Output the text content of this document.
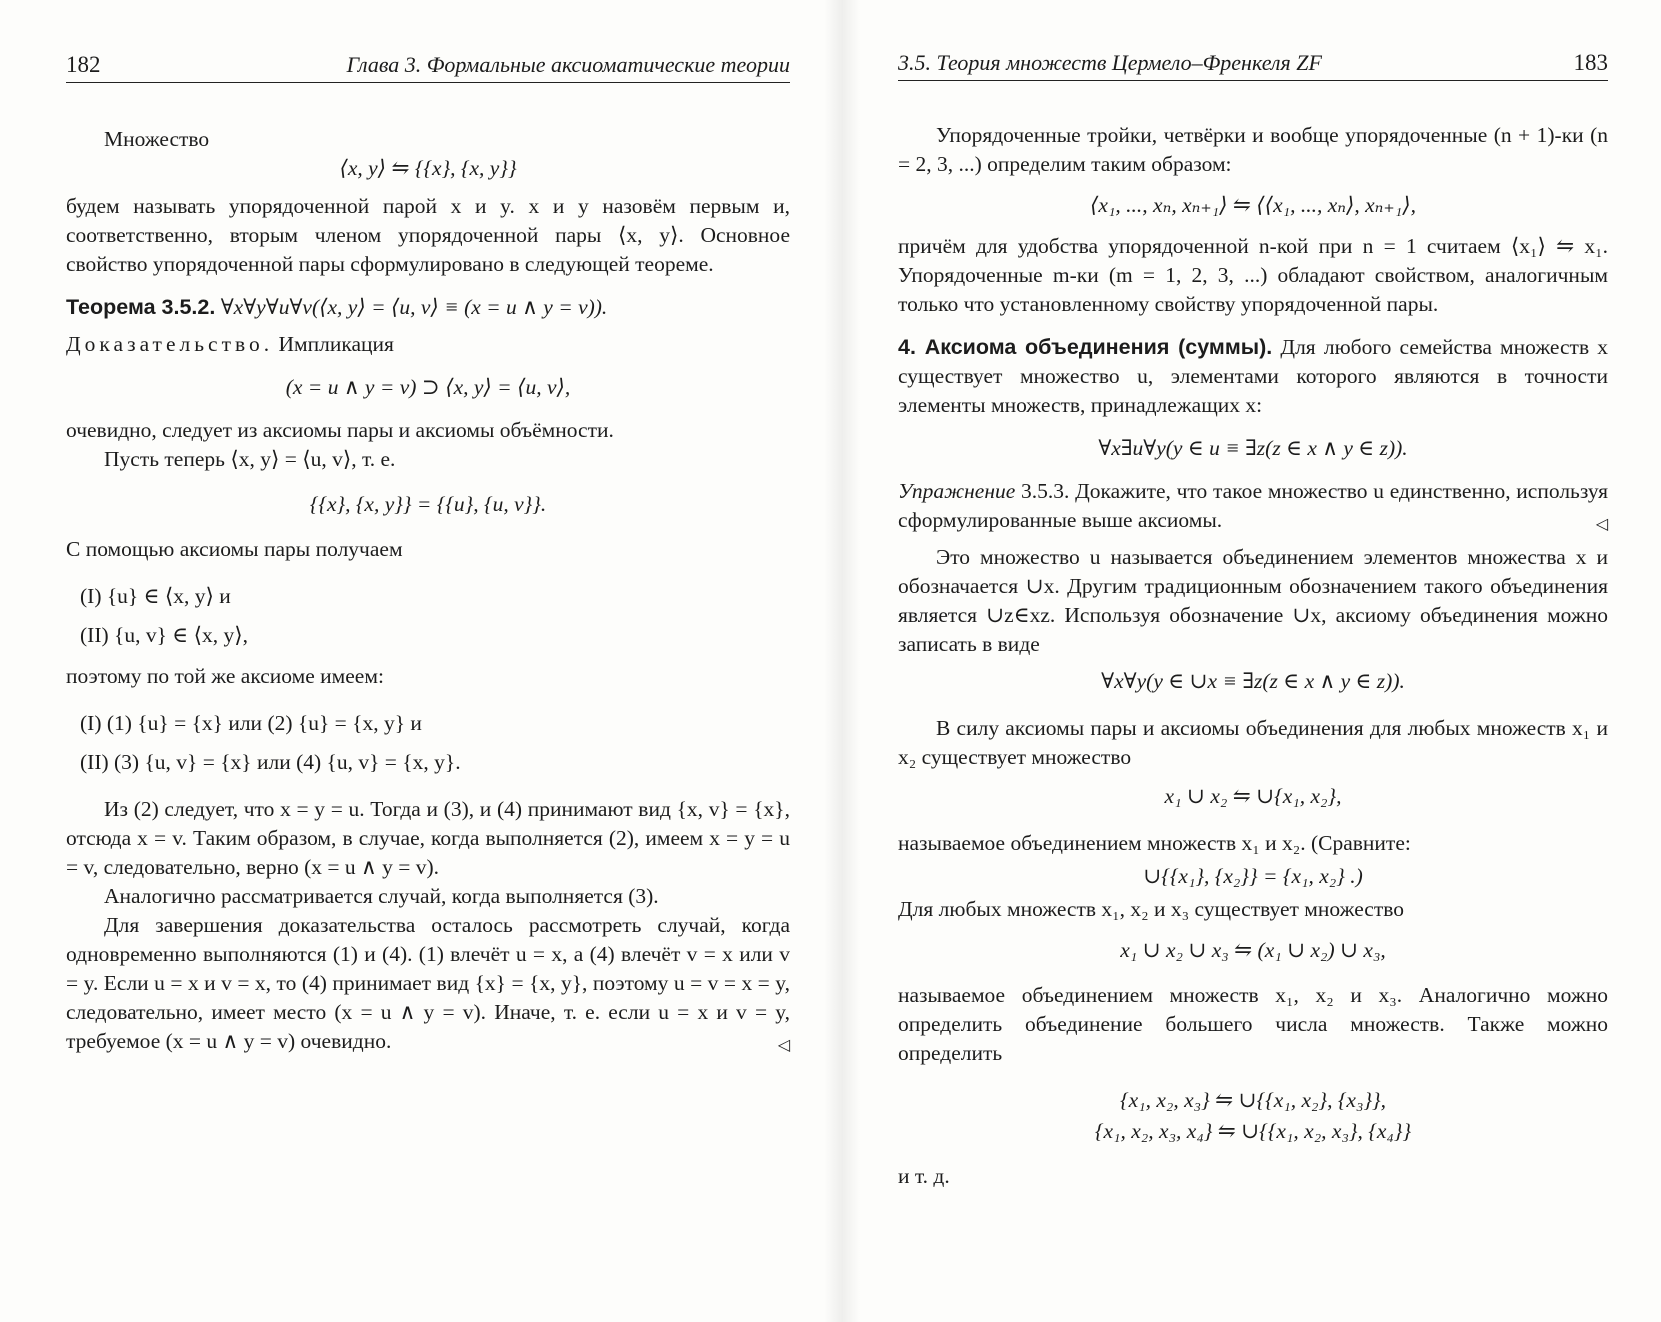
182	Глава 3. Формальные аксиоматические теории

Множество

⟨x, y⟩ ⇋ {{x}, {x, y}}

будем называть упорядоченной парой x и y. x и y назовём первым и, соответственно, вторым членом упорядоченной пары ⟨x, y⟩. Основное свойство упорядоченной пары сформулировано в следующей теореме.

Теорема 3.5.2. ∀x∀y∀u∀v(⟨x, y⟩ = ⟨u, v⟩ ≡ (x = u ∧ y = v)).

Доказательство. Импликация

(x = u ∧ y = v) ⊃ ⟨x, y⟩ = ⟨u, v⟩,

очевидно, следует из аксиомы пары и аксиомы объёмности.

Пусть теперь ⟨x, y⟩ = ⟨u, v⟩, т. е.

{{x}, {x, y}} = {{u}, {u, v}}.

С помощью аксиомы пары получаем

(I) {u} ∈ ⟨x, y⟩ и

(II) {u, v} ∈ ⟨x, y⟩,

поэтому по той же аксиоме имеем:

(I) (1) {u} = {x} или (2) {u} = {x, y} и

(II) (3) {u, v} = {x} или (4) {u, v} = {x, y}.

Из (2) следует, что x = y = u. Тогда и (3), и (4) принимают вид {x, v} = {x}, отсюда x = v. Таким образом, в случае, когда выполняется (2), имеем x = y = u = v, следовательно, верно (x = u ∧ y = v).

Аналогично рассматривается случай, когда выполняется (3).

Для завершения доказательства осталось рассмотреть случай, когда одновременно выполняются (1) и (4). (1) влечёт u = x, а (4) влечёт v = x или v = y. Если u = x и v = x, то (4) принимает вид {x} = {x, y}, поэтому u = v = x = y, следовательно, имеет место (x = u ∧ y = v). Иначе, т. е. если u = x и v = y, требуемое (x = u ∧ y = v) очевидно.	◁

3.5. Теория множеств Цермело–Френкеля ZF	183

Упорядоченные тройки, четвёрки и вообще упорядоченные (n + 1)-ки (n = 2, 3, ...) определим таким образом:

⟨x₁, ..., xₙ, xₙ₊₁⟩ ⇋ ⟨⟨x₁, ..., xₙ⟩, xₙ₊₁⟩,

причём для удобства упорядоченной n-кой при n = 1 считаем ⟨x₁⟩ ⇋ x₁. Упорядоченные m-ки (m = 1, 2, 3, ...) обладают свойством, аналогичным только что установленному свойству упорядоченной пары.

4. Аксиома объединения (суммы). Для любого семейства множеств x существует множество u, элементами которого являются в точности элементы множеств, принадлежащих x:

∀x∃u∀y(y ∈ u ≡ ∃z(z ∈ x ∧ y ∈ z)).

Упражнение 3.5.3. Докажите, что такое множество u единственно, используя сформулированные выше аксиомы.	◁

Это множество u называется объединением элементов множества x и обозначается ∪x. Другим традиционным обозначением такого объединения является ∪z∈xz. Используя обозначение ∪x, аксиому объединения можно записать в виде

∀x∀y(y ∈ ∪x ≡ ∃z(z ∈ x ∧ y ∈ z)).

В силу аксиомы пары и аксиомы объединения для любых множеств x₁ и x₂ существует множество

x₁ ∪ x₂ ⇋ ∪{x₁, x₂},

называемое объединением множеств x₁ и x₂. (Сравните:

∪{{x₁}, {x₂}} = {x₁, x₂} .)

Для любых множеств x₁, x₂ и x₃ существует множество

x₁ ∪ x₂ ∪ x₃ ⇋ (x₁ ∪ x₂) ∪ x₃,

называемое объединением множеств x₁, x₂ и x₃. Аналогично можно определить объединение большего числа множеств. Также можно определить

{x₁, x₂, x₃} ⇋ ∪{{x₁, x₂}, {x₃}},

{x₁, x₂, x₃, x₄} ⇋ ∪{{x₁, x₂, x₃}, {x₄}}

и т. д.
